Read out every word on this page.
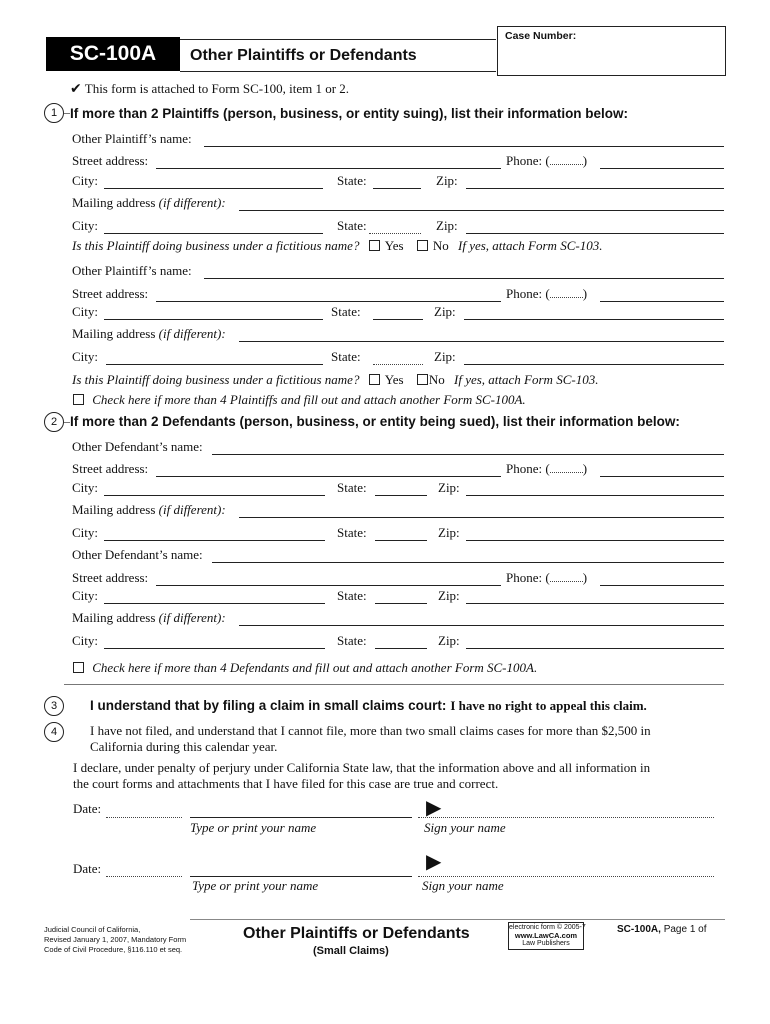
Case Number:
SC-100A	Other Plaintiffs or Defendants
✔ This form is attached to Form SC-100, item 1 or 2.
1 If more than 2 Plaintiffs (person, business, or entity suing), list their information below:
Other Plaintiff’s name:
Street address:	Phone: (	)
City:	State:	Zip:
Mailing address (if different):
City:	State:	Zip:
Is this Plaintiff doing business under a fictitious name? Yes No If yes, attach Form SC-103.
Other Plaintiff’s name:
Street address:	Phone: (	)
City:	State:	Zip:
Mailing address (if different):
City:	State:	Zip:
Is this Plaintiff doing business under a fictitious name? Yes No If yes, attach Form SC-103.
Check here if more than 4 Plaintiffs and fill out and attach another Form SC-100A.
2 If more than 2 Defendants (person, business, or entity being sued), list their information below:
Other Defendant’s name:
Street address:	Phone: (	)
City:	State:	Zip:
Mailing address (if different):
City:	State:	Zip:
Other Defendant’s name:
Street address:	Phone: (	)
City:	State:	Zip:
Mailing address (if different):
City:	State:	Zip:
Check here if more than 4 Defendants and fill out and attach another Form SC-100A.
3	I understand that by filing a claim in small claims court: I have no right to appeal this claim.
4	I have not filed, and understand that I cannot file, more than two small claims cases for more than $2,500 in
California during this calendar year.
I declare, under penalty of perjury under California State law, that the information above and all information in
the court forms and attachments that I have filed for this case are true and correct.
Date:
Type or print your name
▶
Sign your name
Date:
Type or print your name
▶
Sign your name
Judicial Council of California,
Revised January 1, 2007, Mandatory Form
Code of Civil Procedure, §116.110 et seq.
Other Plaintiffs or Defendants
(Small Claims)
electronic form © 2005-7
www.LawCA.com
Law Publishers
SC-100A, Page 1 of
